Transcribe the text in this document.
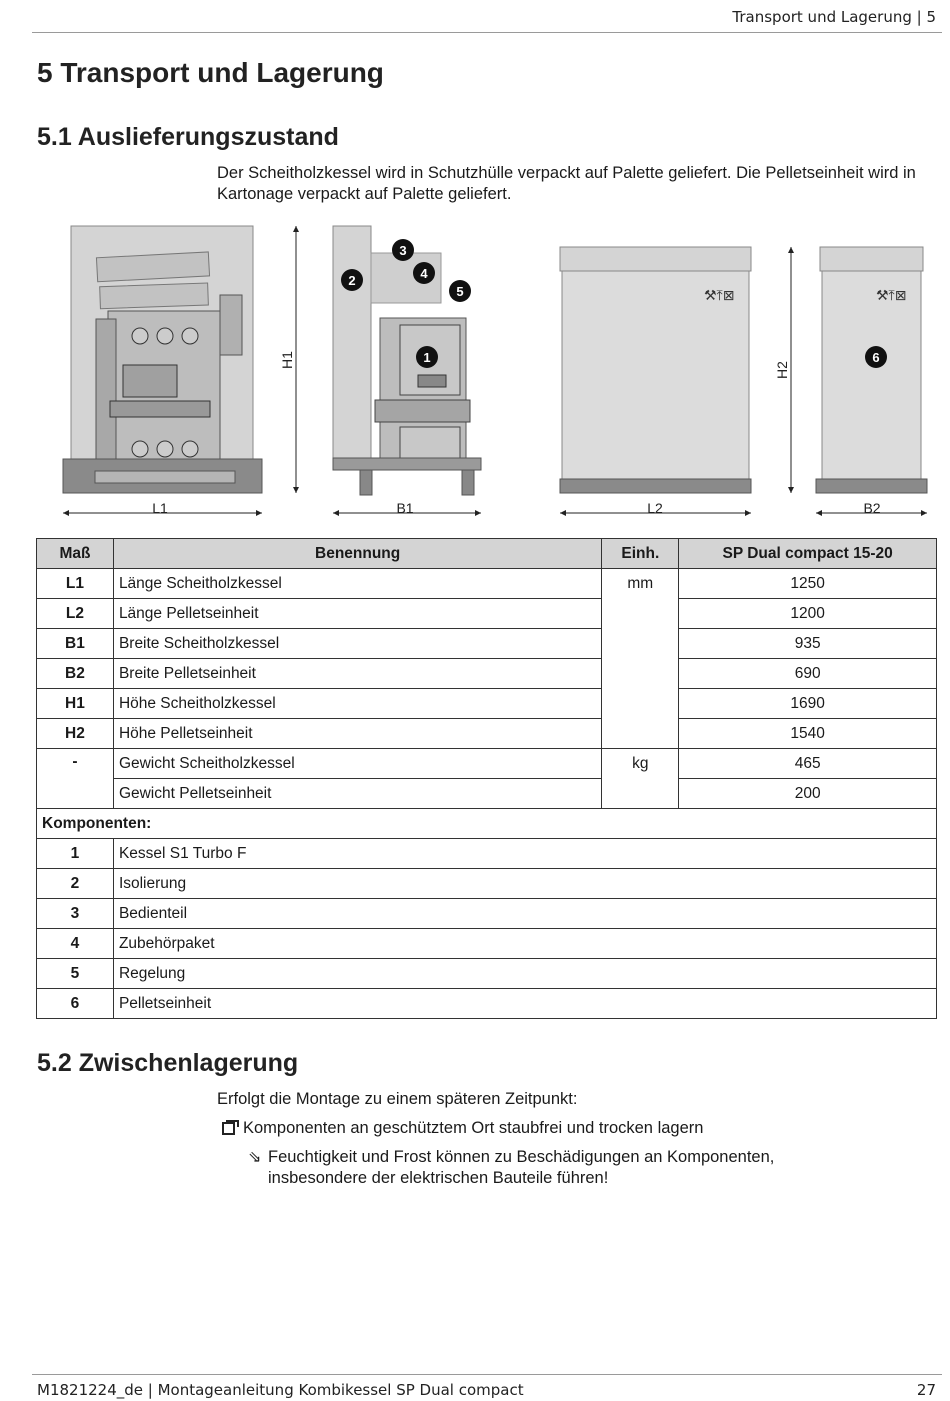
Transport und Lagerung | 5
5 Transport und Lagerung
5.1 Auslieferungszustand
Der Scheitholzkessel wird in Schutzhülle verpackt auf Palette geliefert. Die Pelletseinheit wird in Kartonage verpackt auf Palette geliefert.
⚒⤒⊠	⚒⤒⊠
L1	B1	L2	B2
H1
H2
1
2
3
4
5
6
Maß	Benennung	Einh.	SP Dual compact 15-20
L1	Länge Scheitholzkessel	mm	1250
L2	Länge Pelletseinheit		1200
B1	Breite Scheitholzkessel		935
B2	Breite Pelletseinheit		690
H1	Höhe Scheitholzkessel		1690
H2	Höhe Pelletseinheit		1540
-	Gewicht Scheitholzkessel	kg	465
	Gewicht Pelletseinheit		200
Komponenten:			
1	Kessel S1 Turbo F		
2	Isolierung		
3	Bedienteil		
4	Zubehörpaket		
5	Regelung		
6	Pelletseinheit		
5.2 Zwischenlagerung
Erfolgt die Montage zu einem späteren Zeitpunkt:
Komponenten an geschütztem Ort staubfrei und trocken lagern
⇘ Feuchtigkeit und Frost können zu Beschädigungen an Komponenten,
insbesondere der elektrischen Bauteile führen!
M1821224_de | Montageanleitung Kombikessel SP Dual compact	27
